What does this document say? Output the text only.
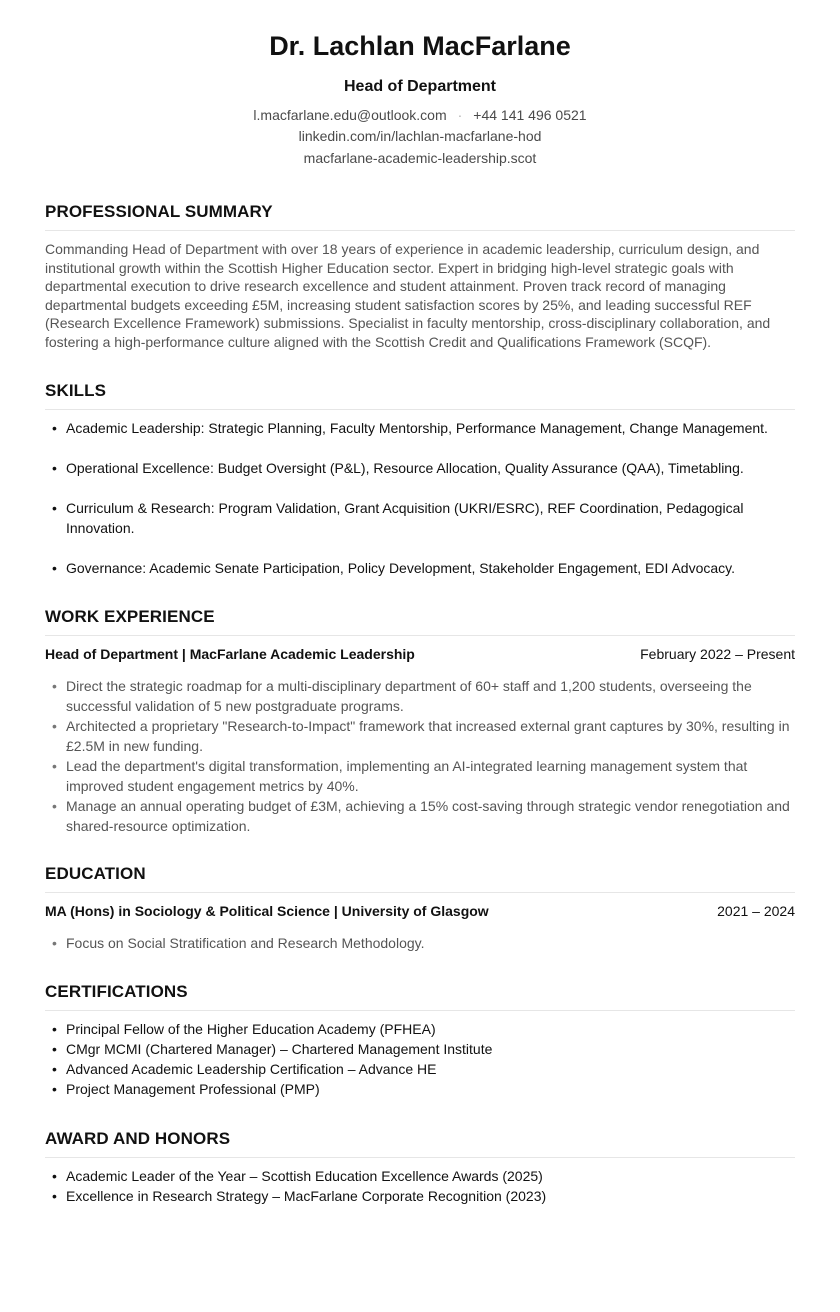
Dr. Lachlan MacFarlane
Head of Department
l.macfarlane.edu@outlook.com · +44 141 496 0521
linkedin.com/in/lachlan-macfarlane-hod
macfarlane-academic-leadership.scot
PROFESSIONAL SUMMARY
Commanding Head of Department with over 18 years of experience in academic leadership, curriculum design, and institutional growth within the Scottish Higher Education sector. Expert in bridging high-level strategic goals with departmental execution to drive research excellence and student attainment. Proven track record of managing departmental budgets exceeding £5M, increasing student satisfaction scores by 25%, and leading successful REF (Research Excellence Framework) submissions. Specialist in faculty mentorship, cross-disciplinary collaboration, and fostering a high-performance culture aligned with the Scottish Credit and Qualifications Framework (SCQF).
SKILLS
• Academic Leadership: Strategic Planning, Faculty Mentorship, Performance Management, Change Management.
• Operational Excellence: Budget Oversight (P&L), Resource Allocation, Quality Assurance (QAA), Timetabling.
• Curriculum & Research: Program Validation, Grant Acquisition (UKRI/ESRC), REF Coordination, Pedagogical Innovation.
• Governance: Academic Senate Participation, Policy Development, Stakeholder Engagement, EDI Advocacy.
WORK EXPERIENCE
Head of Department | MacFarlane Academic Leadership	February 2022 – Present
• Direct the strategic roadmap for a multi-disciplinary department of 60+ staff and 1,200 students, overseeing the successful validation of 5 new postgraduate programs.
• Architected a proprietary "Research-to-Impact" framework that increased external grant captures by 30%, resulting in £2.5M in new funding.
• Lead the department's digital transformation, implementing an AI-integrated learning management system that improved student engagement metrics by 40%.
• Manage an annual operating budget of £3M, achieving a 15% cost-saving through strategic vendor renegotiation and shared-resource optimization.
EDUCATION
MA (Hons) in Sociology & Political Science | University of Glasgow	2021 – 2024
• Focus on Social Stratification and Research Methodology.
CERTIFICATIONS
• Principal Fellow of the Higher Education Academy (PFHEA)
• CMgr MCMI (Chartered Manager) – Chartered Management Institute
• Advanced Academic Leadership Certification – Advance HE
• Project Management Professional (PMP)
AWARD AND HONORS
• Academic Leader of the Year – Scottish Education Excellence Awards (2025)
• Excellence in Research Strategy – MacFarlane Corporate Recognition (2023)
